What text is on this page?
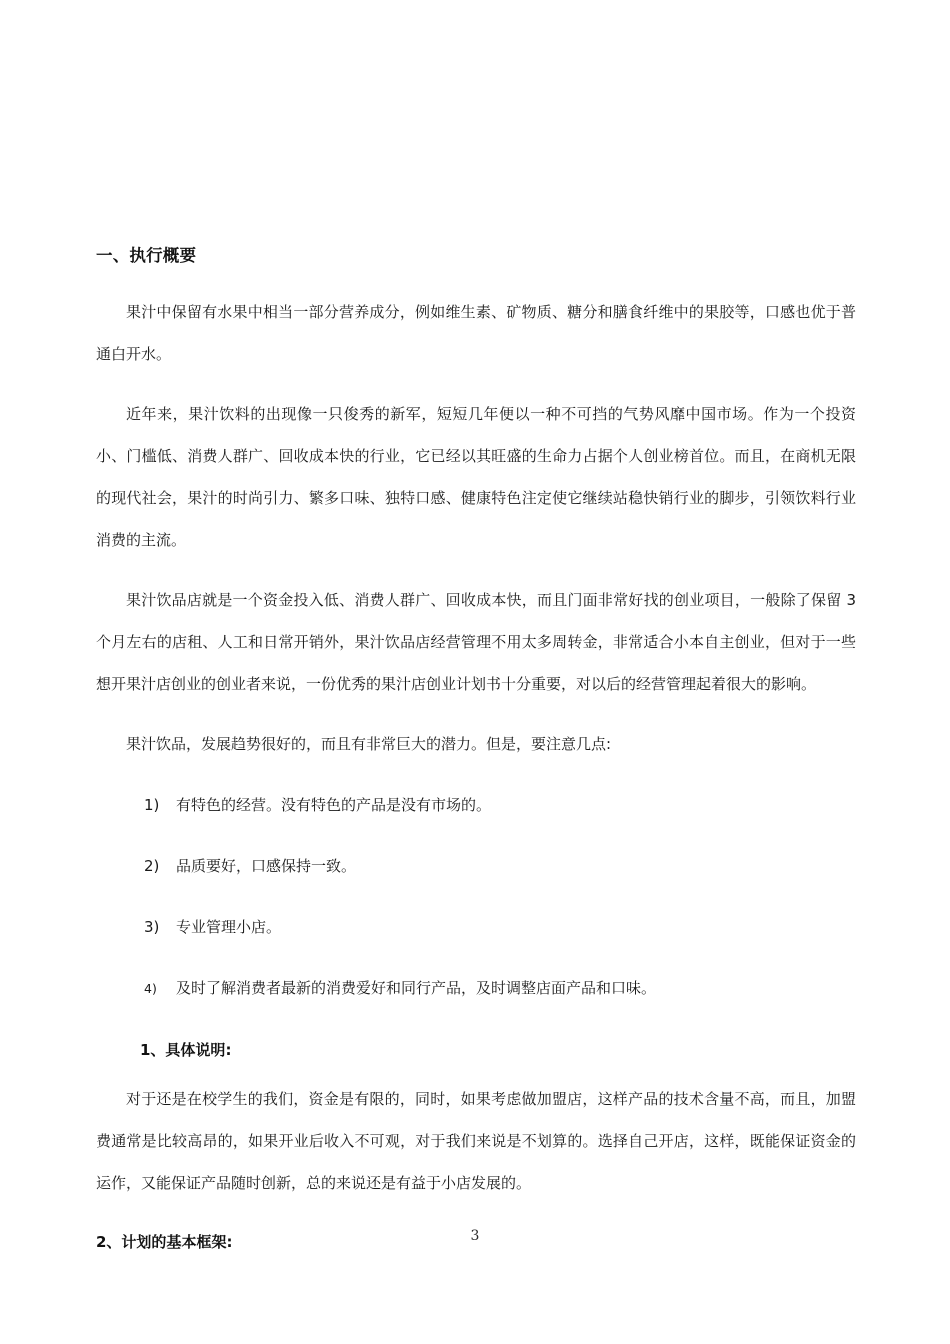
一、执行概要

果汁中保留有水果中相当一部分营养成分，例如维生素、矿物质、糖分和膳食纤维中的果胶等，口感也优于普通白开水。

近年来，果汁饮料的出现像一只俊秀的新军，短短几年便以一种不可挡的气势风靡中国市场。作为一个投资小、门槛低、消费人群广、回收成本快的行业，它已经以其旺盛的生命力占据个人创业榜首位。而且，在商机无限的现代社会，果汁的时尚引力、繁多口味、独特口感、健康特色注定使它继续站稳快销行业的脚步，引领饮料行业消费的主流。

果汁饮品店就是一个资金投入低、消费人群广、回收成本快，而且门面非常好找的创业项目，一般除了保留 3 个月左右的店租、人工和日常开销外，果汁饮品店经营管理不用太多周转金，非常适合小本自主创业，但对于一些想开果汁店创业的创业者来说，一份优秀的果汁店创业计划书十分重要，对以后的经营管理起着很大的影响。

果汁饮品，发展趋势很好的，而且有非常巨大的潜力。但是，要注意几点:

1)	有特色的经营。没有特色的产品是没有市场的。
2)	品质要好，口感保持一致。
3)	专业管理小店。
4)	及时了解消费者最新的消费爱好和同行产品，及时调整店面产品和口味。
1、具体说明:

对于还是在校学生的我们，资金是有限的，同时，如果考虑做加盟店，这样产品的技术含量不高，而且，加盟费通常是比较高昂的，如果开业后收入不可观，对于我们来说是不划算的。选择自己开店，这样，既能保证资金的运作，又能保证产品随时创新，总的来说还是有益于小店发展的。

2、计划的基本框架:	3
